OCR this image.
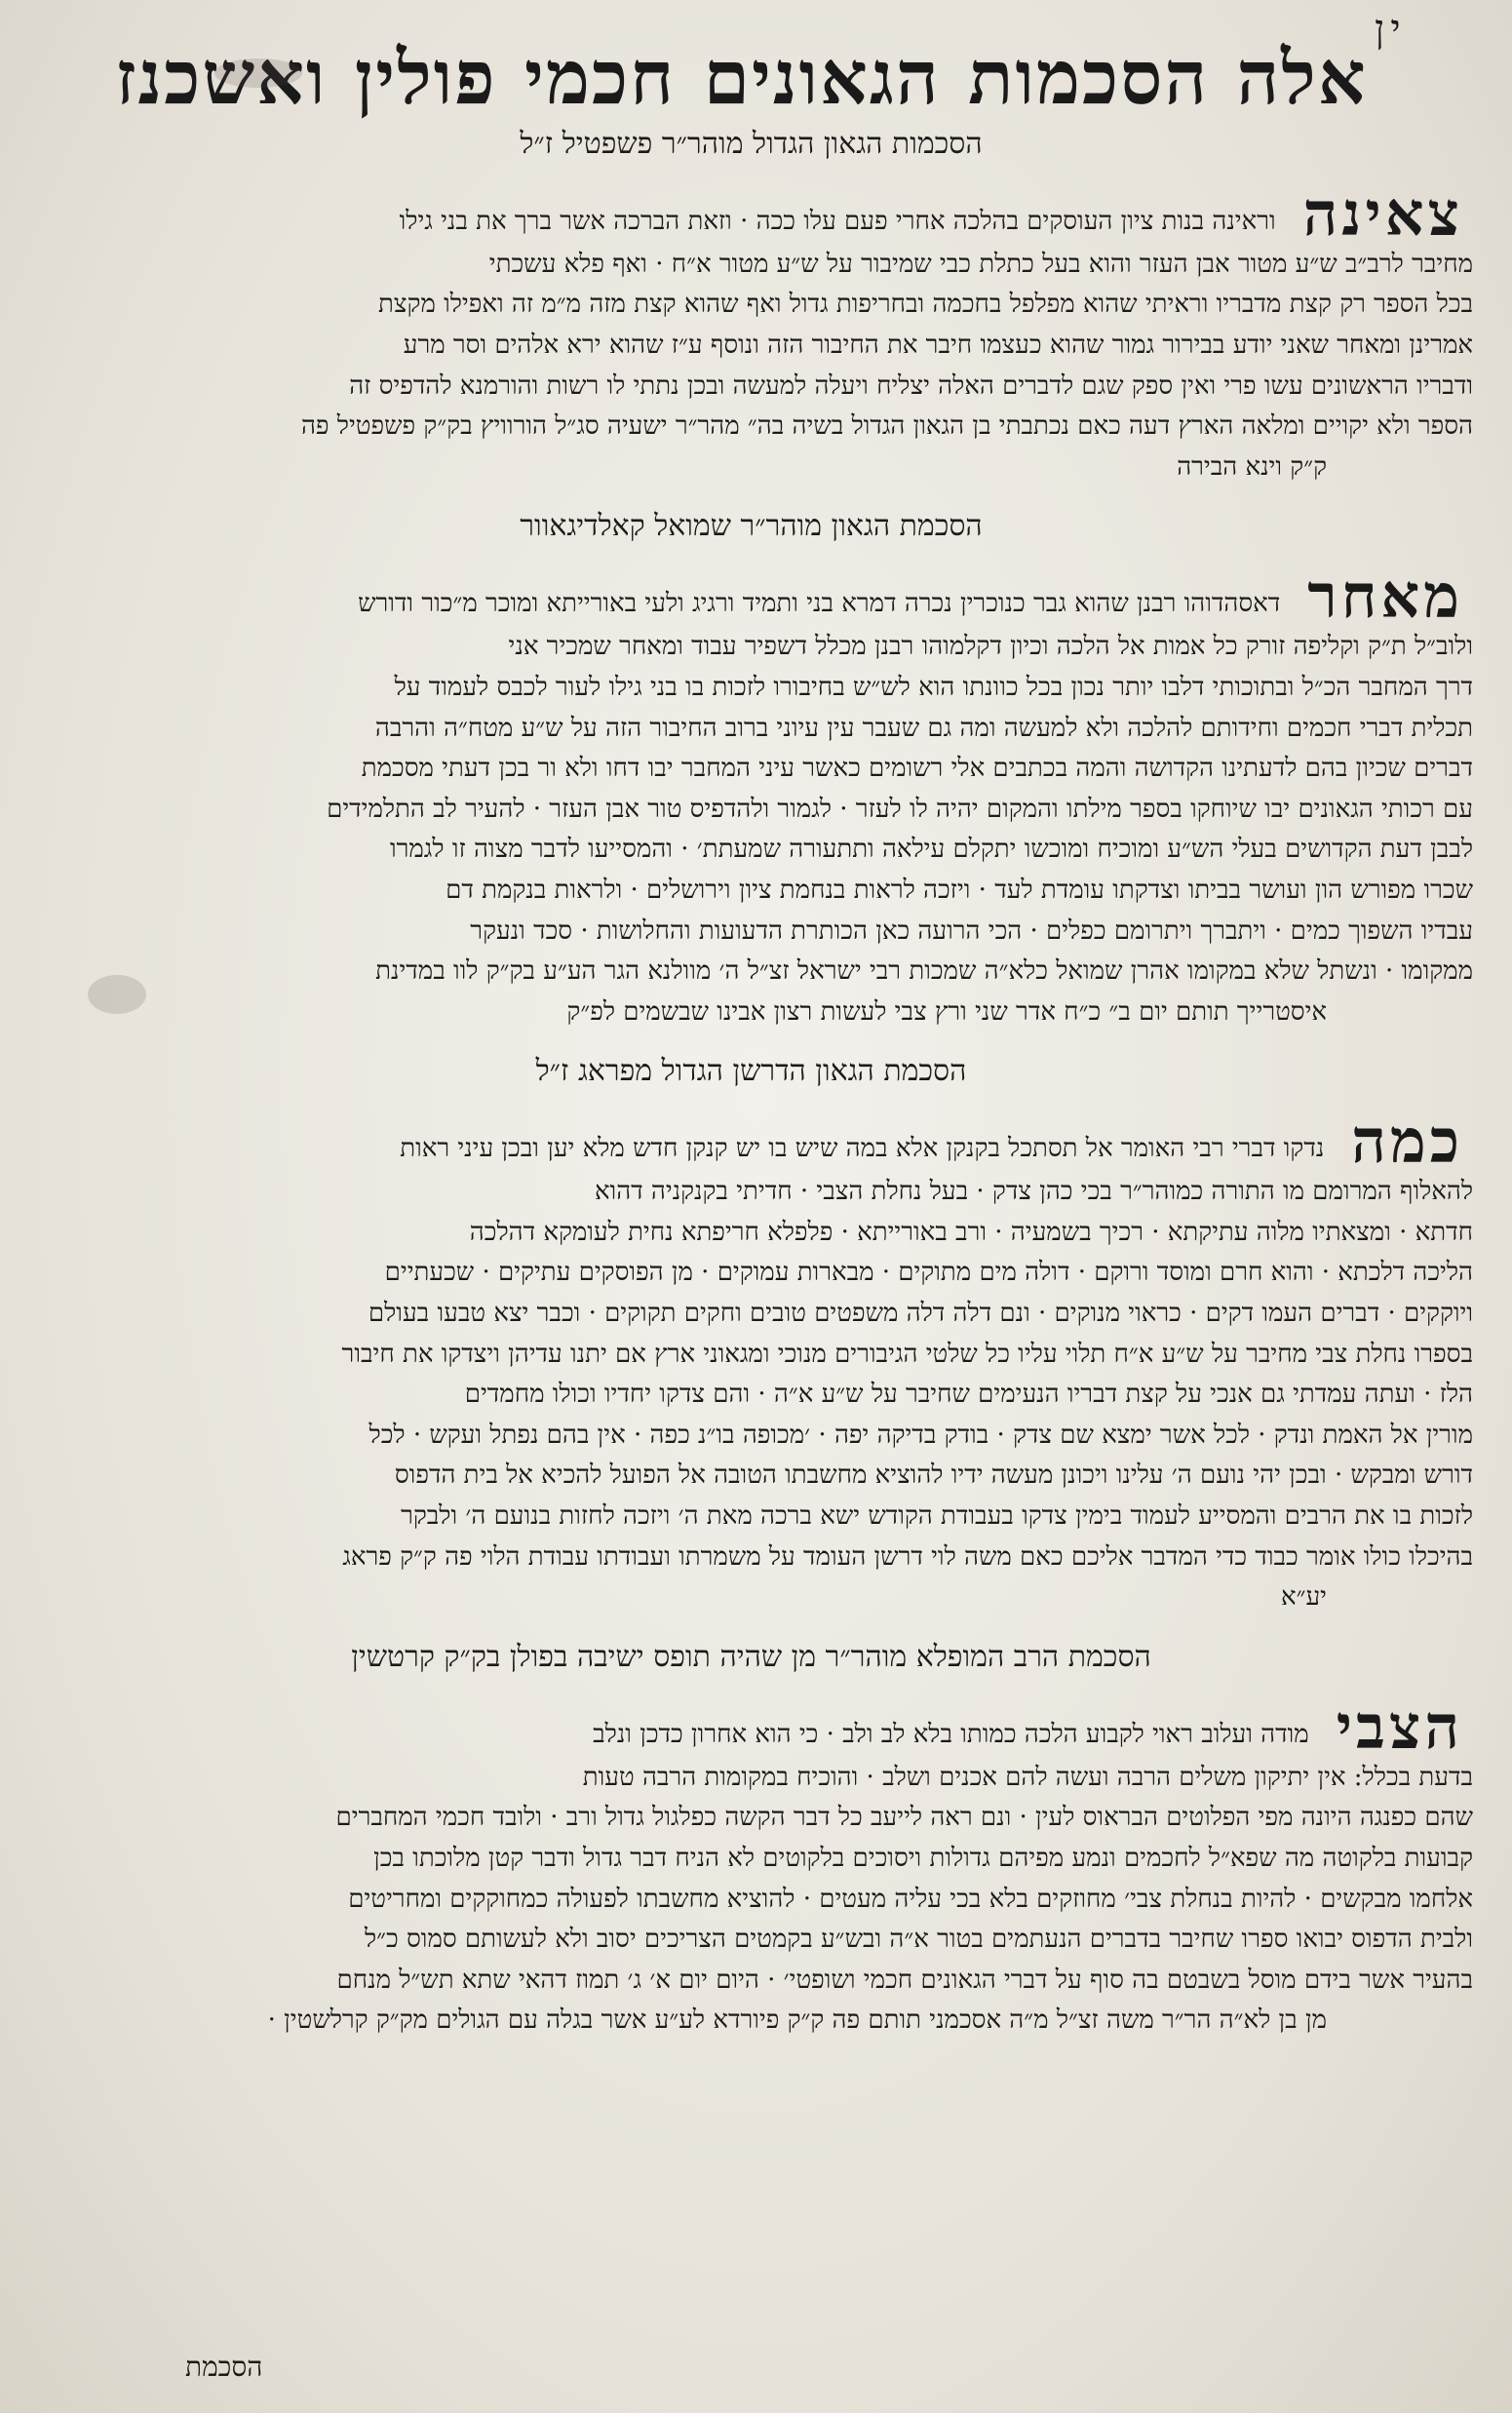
ין
אלה הסכמות הגאונים חכמי פולין ואשכנז
הסכמות הגאון הגדול מוהר״ר פשפטיל ז״ל
צאינה
וראינה בנות ציון העוסקים בהלכה אחרי פעם עלו ככה · וזאת הברכה אשר ברך את בני גילו
מחיבר לרב״ב ש״ע מטור אבן העזר והוא בעל כתלת כבי שמיבור על ש״ע מטור א״ח · ואף פלא עשכתי
בכל הספר רק קצת מדבריו וראיתי שהוא מפלפל בחכמה ובחריפות גדול ואף שהוא קצת מזה מ״מ זה ואפילו מקצת
אמרינן ומאחר שאני יודע בבירור גמור שהוא כעצמו חיבר את החיבור הזה ונוסף ע״ז שהוא ירא אלהים וסר מרע
ודבריו הראשונים עשו פרי ואין ספק שגם לדברים האלה יצליח ויעלה למעשה ובכן נתתי לו רשות והורמנא להדפיס זה
הספר ולא יקויים ומלאה הארץ דעה כאם נכתבתי בן הגאון הגדול בשיה בה״ מהר״ר ישעיה סג״ל הורוויץ בק״ק פשפטיל פה
ק״ק וינא הבירה
הסכמת הגאון מוהר״ר שמואל קאלדיגאוור
מאחר
דאסהדוהו רבנן שהוא גבר כנוכרין נכרה דמרא בני ותמיד ורגיג ולעי באורייתא ומוכר מ״כור ודורש
ולוב״ל ת״ק וקליפה זורק כל אמות אל הלכה וכיון דקלמוהו רבנן מכלל דשפיר עבוד ומאחר שמכיר אני
דרך המחבר הכ״ל ובתוכותי דלבו יותר נכון בכל כוונתו הוא לש״ש בחיבורו לזכות בו בני גילו לעור לכבס לעמוד על
תכלית דברי חכמים וחידותם להלכה ולא למעשה ומה גם שעבר עין עיוני ברוב החיבור הזה על ש״ע מטח״ה והרבה
דברים שכיון בהם לדעתינו הקדושה והמה בכתבים אלי רשומים כאשר עיני המחבר יבו דחו ולא ור בכן דעתי מסכמת
עם רכותי הגאונים יבו שיוחקו בספר מילתו והמקום יהיה לו לעזר · לגמור ולהדפיס טור אבן העזר · להעיר לב התלמידים
לבבן דעת הקדושים בעלי הש״ע ומוכיח ומוכשו יתקלם עילאה ותתעורה שמעתת׳ · והמסייעו לדבר מצוה זו לגמרו
שכרו מפורש הון ועושר בביתו וצדקתו עומדת לעד · ויזכה לראות בנחמת ציון וירושלים · ולראות בנקמת דם
עבדיו השפוך כמים · ויתברך ויתרומם כפלים · הכי הרועה כאן הכותרת הדעועות והחלושות · סכד ונעקר
ממקומו · ונשתל שלא במקומו אהרן שמואל כלא״ה שמכות רבי ישראל זצ״ל ה׳ מוולנא הגר הע״ע בק״ק לוו במדינת
איסטרייך תותם יום ב״ כ״ח אדר שני ורץ צבי לעשות רצון אבינו שבשמים לפ״ק
הסכמת הגאון הדרשן הגדול מפראג ז״ל
כמה
נדקו דברי רבי האומר אל תסתכל בקנקן אלא במה שיש בו יש קנקן חדש מלא יען ובכן עיני ראות
להאלוף המרומם מו התורה כמוהר״ר בכי כהן צדק · בעל נחלת הצבי · חדיתי בקנקניה דהוא
חדתא · ומצאתיו מלוה עתיקתא · רכיך בשמעיה · ורב באורייתא · פלפלא חריפתא נחית לעומקא דהלכה
הליכה דלכתא · והוא חרם ומוסד ורוקם · דולה מים מתוקים · מבארות עמוקים · מן הפוסקים עתיקים · שכעתיים
ויוקקים · דברים העמו דקים · כראוי מנוקים · ונם דלה דלה משפטים טובים וחקים תקוקים · וכבר יצא טבעו בעולם
בספרו נחלת צבי מחיבר על ש״ע א״ח תלוי עליו כל שלטי הגיבורים מנוכי ומגאוני ארץ אם יתנו עדיהן ויצדקו את חיבור
הלז · ועתה עמדתי גם אנכי על קצת דבריו הנעימים שחיבר על ש״ע א״ה · והם צדקו יחדיו וכולו מחמדים
מורין אל האמת ונדק · לכל אשר ימצא שם צדק · בודק בדיקה יפה · ׳מכופה בו״נ כפה · אין בהם נפתל ועקש · לכל
דורש ומבקש · ובכן יהי נועם ה׳ עלינו ויכונן מעשה ידיו להוציא מחשבתו הטובה אל הפועל להכיא אל בית הדפוס
לזכות בו את הרבים והמסייע לעמוד בימין צדקו בעבודת הקודש ישא ברכה מאת ה׳ ויזכה לחזות בנועם ה׳ ולבקר
בהיכלו כולו אומר כבוד כדי המדבר אליכם כאם משה לוי דרשן העומד על משמרתו ועבודתו עבודת הלוי פה ק״ק פראג
יע״א
הסכמת הרב המופלא מוהר״ר מן שהיה תופס ישיבה בפולן בק״ק קרטשין
הצבי
מודה ועלוב ראוי לקבוע הלכה כמותו בלא לב ולב · כי הוא אחרון כדכן ונלב
בדעת בכלל: אין יתיקון משלים הרבה ועשה להם אכנים ושלב · והוכיח במקומות הרבה טעות
שהם כפנגה היונה מפי הפלוטים הבראוס לעין · ונם ראה לייעב כל דבר הקשה כפלגול גדול ורב · ולובד חכמי המחברים
קבועות בלקוטה מה שפא״ל לחכמים ונמע מפיהם גדולות ויסוכים בלקוטים לא הניח דבר גדול ודבר קטן מלוכתו בכן
אלחמו מבקשים · להיות בנחלת צבי׳ מחוזקים בלא בכי עליה מעטים · להוציא מחשבתו לפעולה כמחוקקים ומחריטים
ולבית הדפוס יבואו ספרו שחיבר בדברים הנעתמים בטור א״ה ובש״ע בקמטים הצריכים יסוב ולא לעשותם סמוס כ״ל
בהעיר אשר בידם מוסל בשבטם בה סוף על דברי הגאונים חכמי ושופטי׳ · היום יום א׳ ג׳ תמוז דהאי שתא תש״ל מנחם
מן בן לא״ה הר״ר משה זצ״ל מ״ה אסכמני תותם פה ק״ק פיורדא לע״ע אשר בגלה עם הגולים מק״ק קרלשטין ·
הסכמת
